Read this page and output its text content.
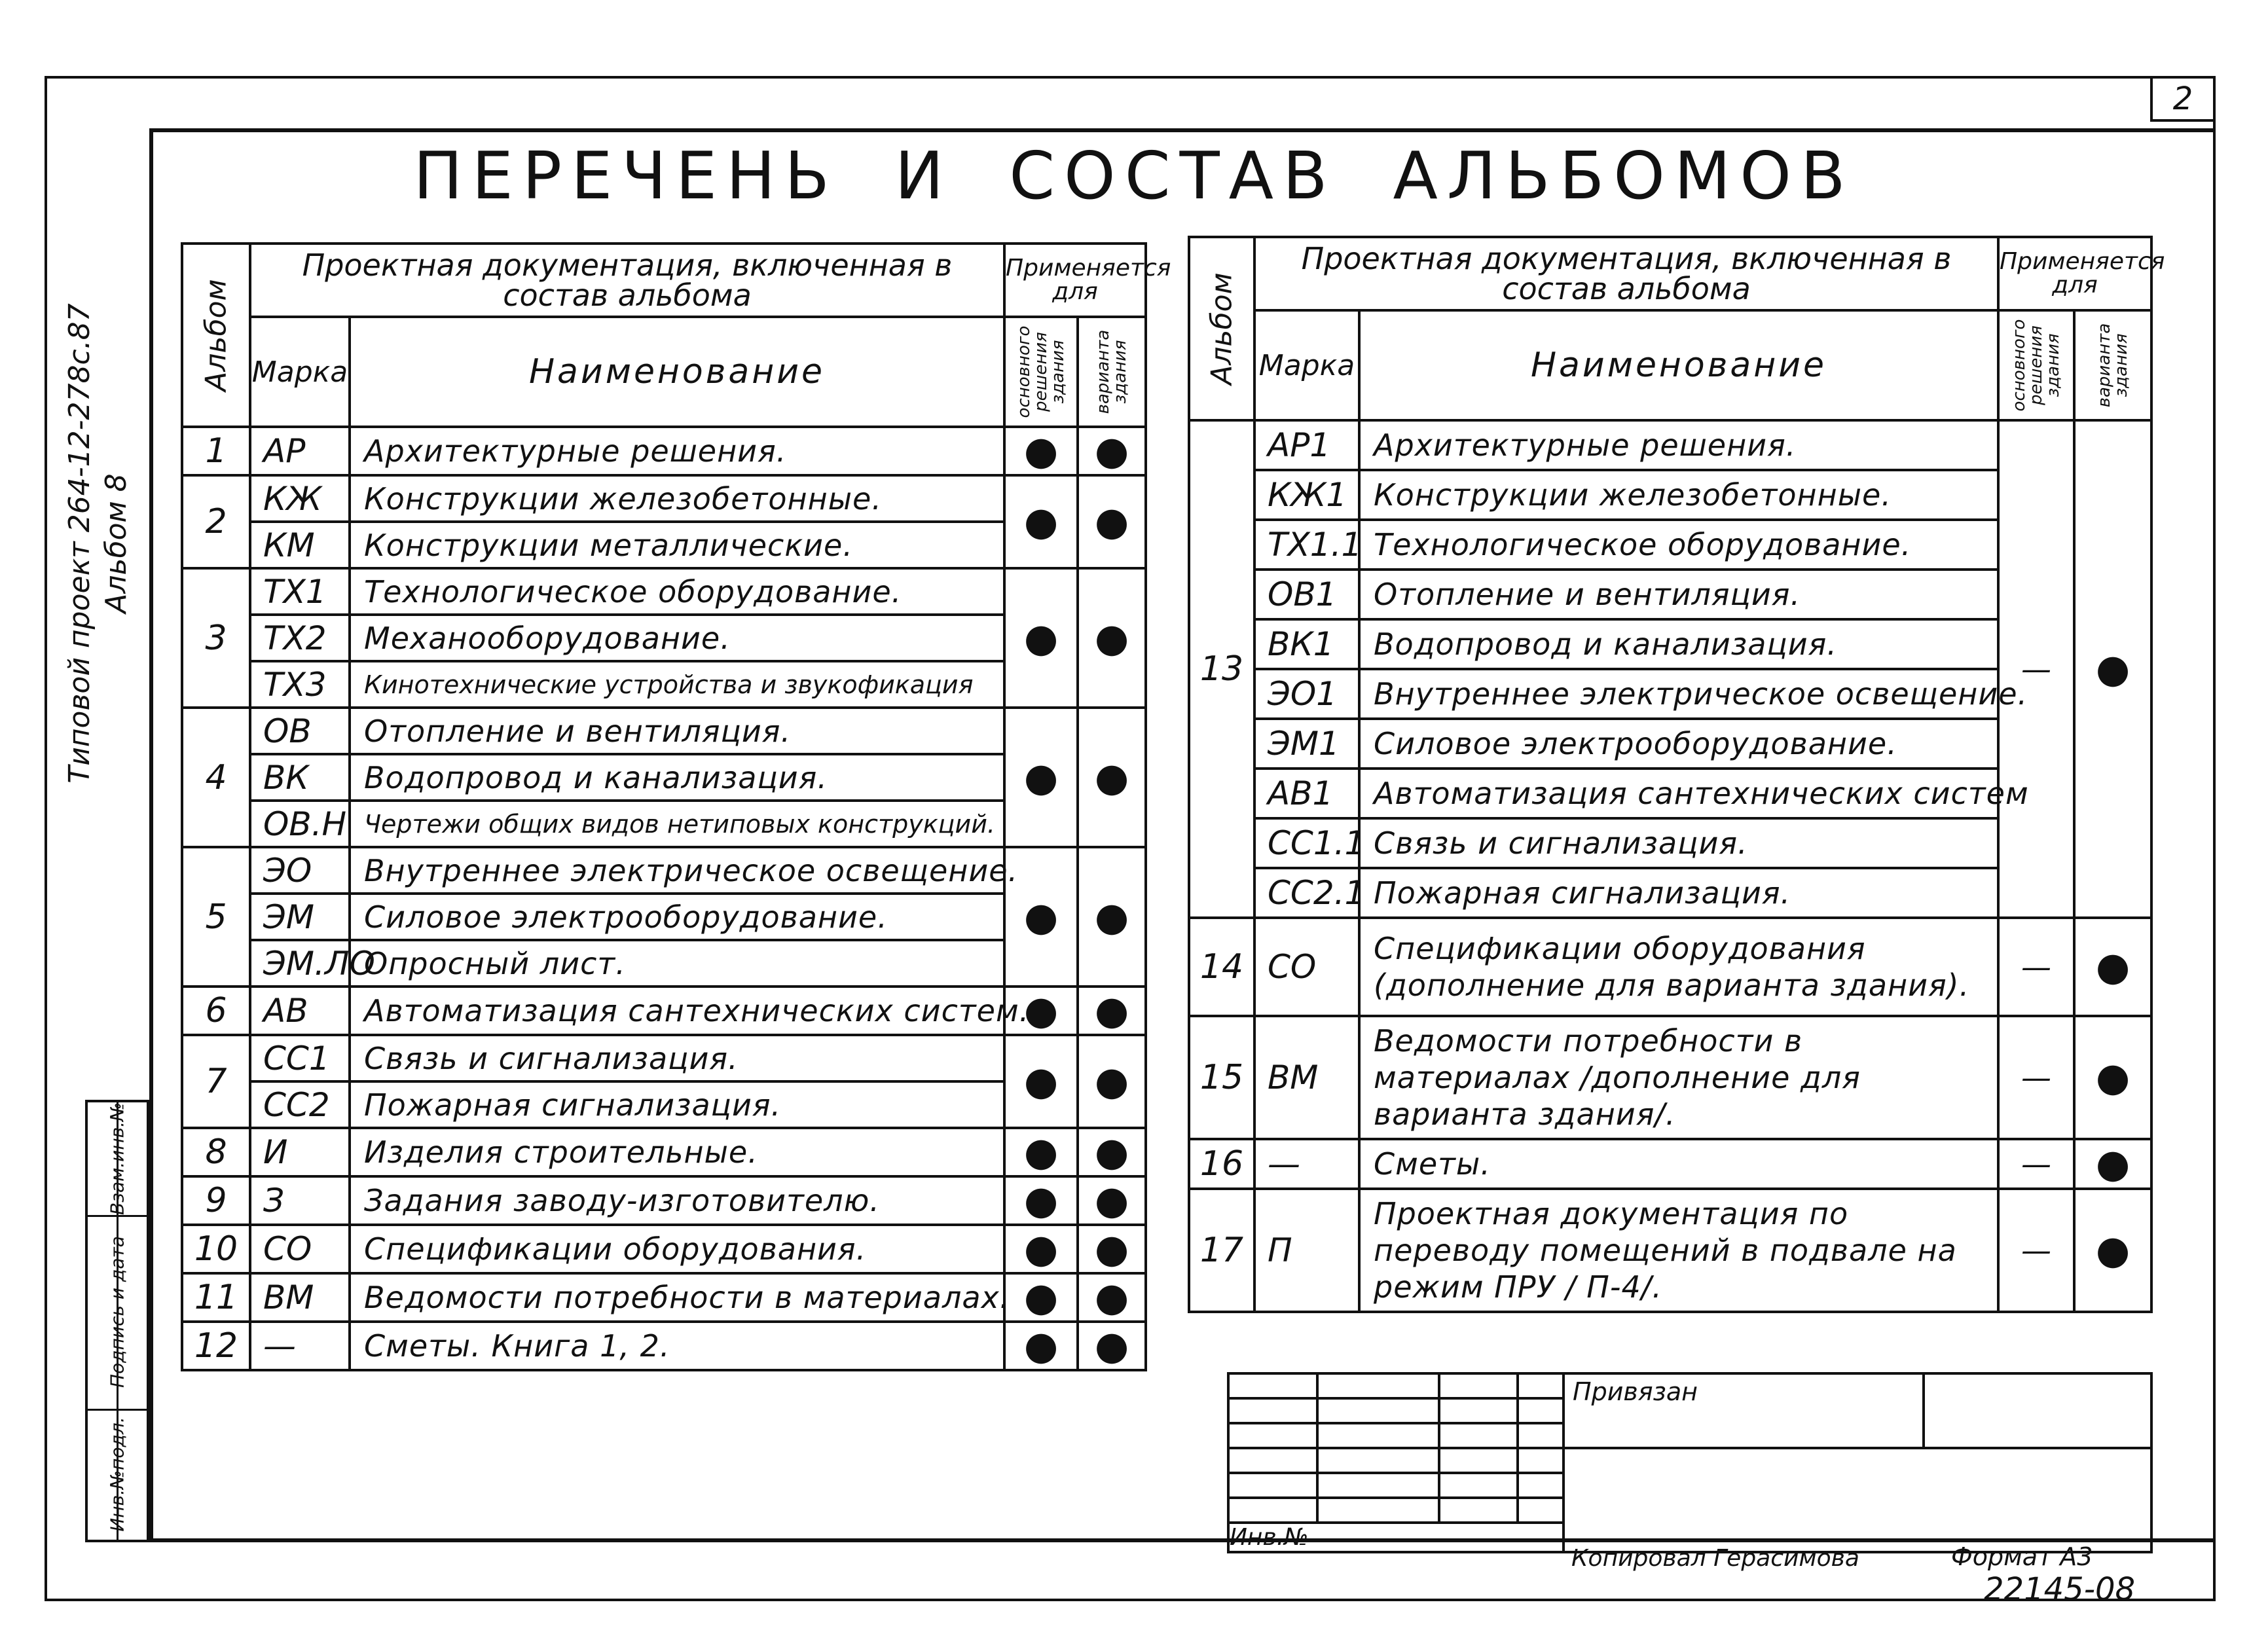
2
ПЕРЕЧЕНЬ И СОСТАВ АЛЬБОМОВ
Типовой проект 264-12-278с.87 Альбом 8
Взам.инв.№
Подпись и дата
Инв.№подл.
Альбом	Проектная документация, включенная в состав альбома		Применяется для	
	Марка	Наименование	основного решения здания	варианта здания

1	АР	Архитектурные решения.	●	●
2	КЖ	Конструкции железобетонные.	●	●
	КМ	Конструкции металлические.		
3	ТХ1	Технологическое оборудование.	●	●
	ТХ2	Механооборудование.		
	ТХ3	Кинотехнические устройства и звукофикация		
4	ОВ	Отопление и вентиляция.	●	●
	ВК	Водопровод и канализация.		
	ОВ.Н	Чертежи общих видов нетиповых конструкций.		
5	ЭО	Внутреннее электрическое освещение.	●	●
	ЭМ	Силовое электрооборудование.		
	ЭМ.ЛО	Опросный лист.		
6	АВ	Автоматизация сантехнических систем.	●	●
7	СС1	Связь и сигнализация.	●	●
	СС2	Пожарная сигнализация.		
8	И	Изделия строительные.	●	●
9	З	Задания заводу-изготовителю.	●	●
10	СО	Спецификации оборудования.	●	●
11	ВМ	Ведомости потребности в материалах.	●	●
12	—	Сметы. Книга 1, 2.	●	●
Альбом	Проектная документация, включенная в состав альбома		Применяется для	
	Марка	Наименование	основного решения здания	варианта здания

13	АР1	Архитектурные решения.	—	●
	КЖ1	Конструкции железобетонные.		
	ТХ1.1	Технологическое оборудование.		
	ОВ1	Отопление и вентиляция.		
	ВК1	Водопровод и канализация.		
	ЭО1	Внутреннее электрическое освещение.		
	ЭМ1	Силовое электрооборудование.		
	АВ1	Автоматизация сантехнических систем		
	СС1.1	Связь и сигнализация.		
	СС2.1	Пожарная сигнализация.		
14	СО	Спецификации оборудования (дополнение для варианта здания).	—	●
15	ВМ	Ведомости потребности в материалах /дополнение для варианта здания/.	—	●
16	—	Сметы.	—	●
17	П	Проектная документация по переводу помещений в подвале на режим ПРУ / П-4/.	—	●
				Привязан	

Инв.№					
Копировал Герасимова	Формат А3
22145-08
